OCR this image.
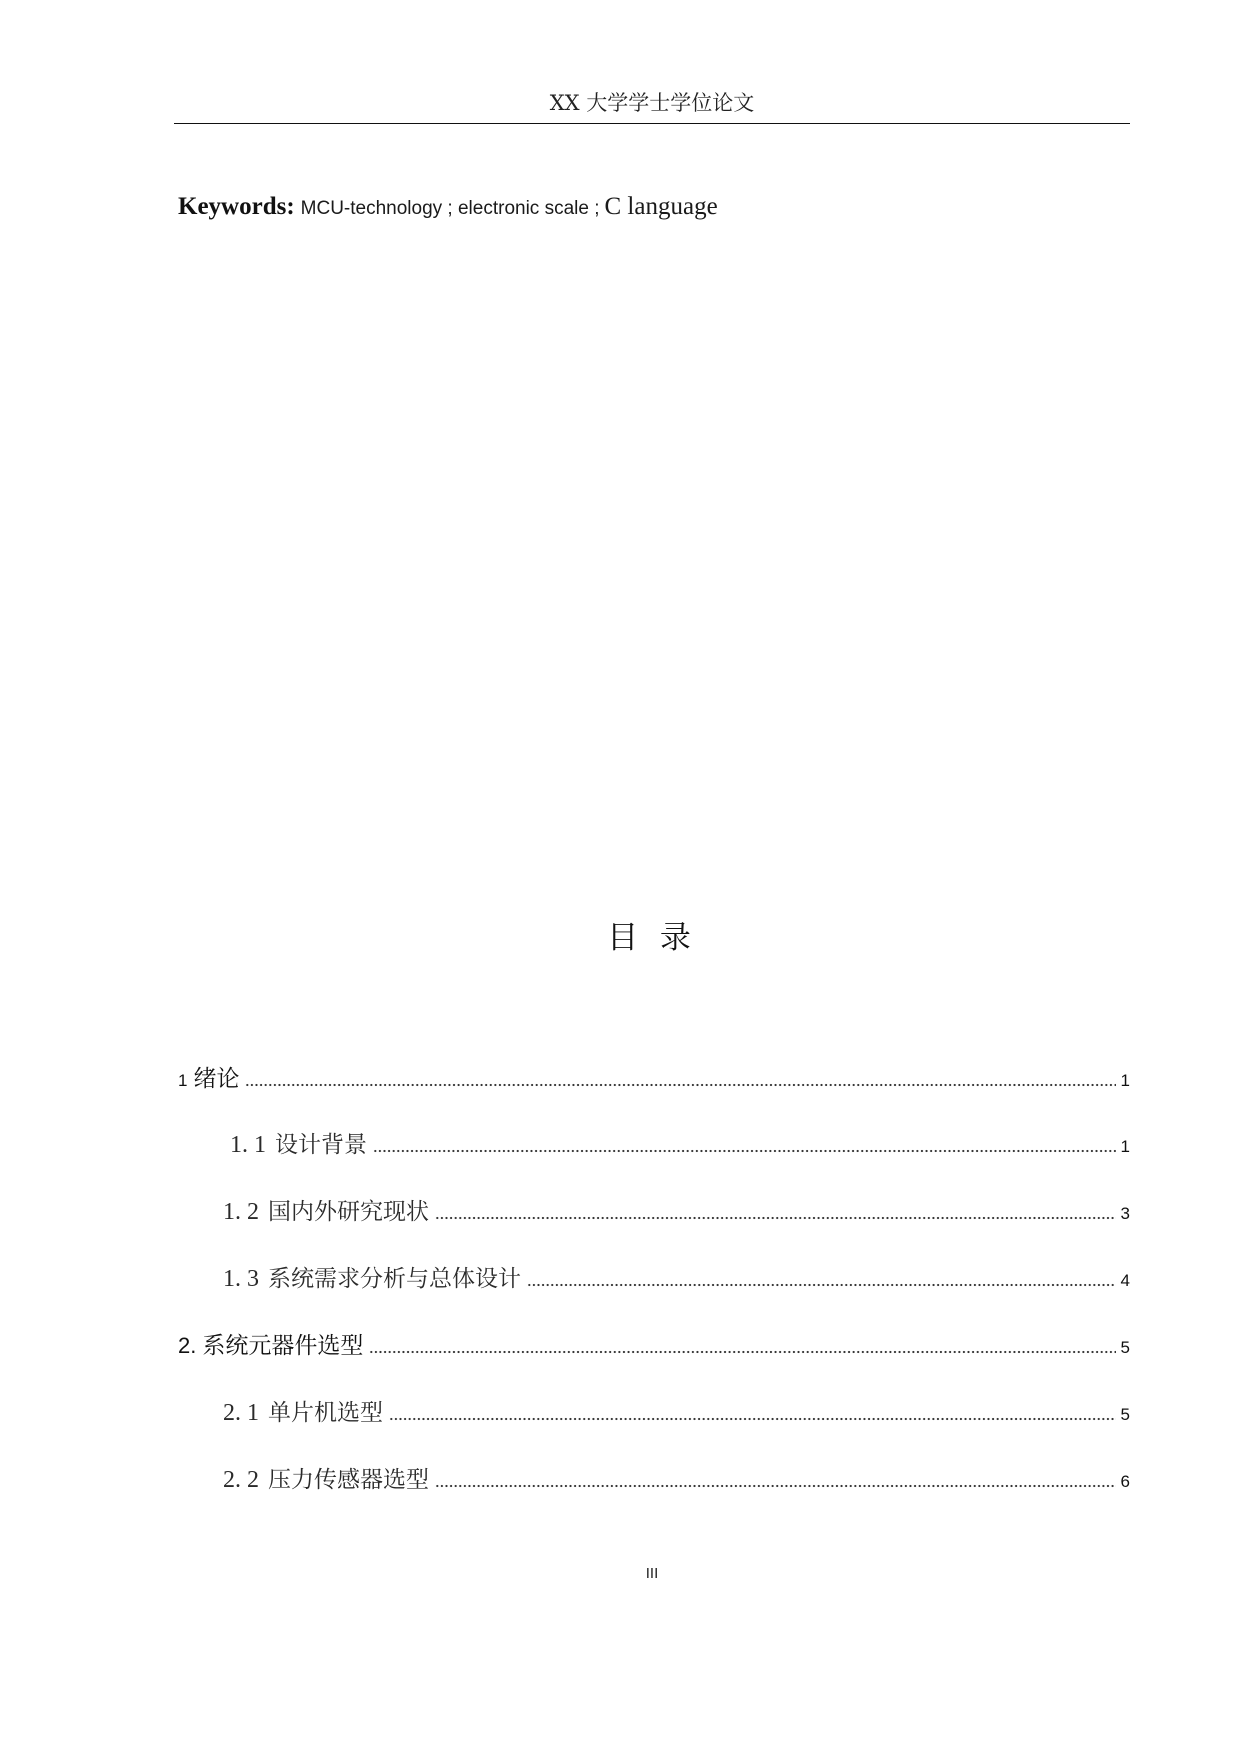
XX 大学学士学位论文
Keywords: MCU-technology ; electronic scale ; C language
目 录
1 绪论	1
1. 1 设计背景	1
1. 2 国内外研究现状	3
1. 3 系统需求分析与总体设计	4
2. 系统元器件选型	5
2. 1 单片机选型	5
2. 2 压力传感器选型	6
III
